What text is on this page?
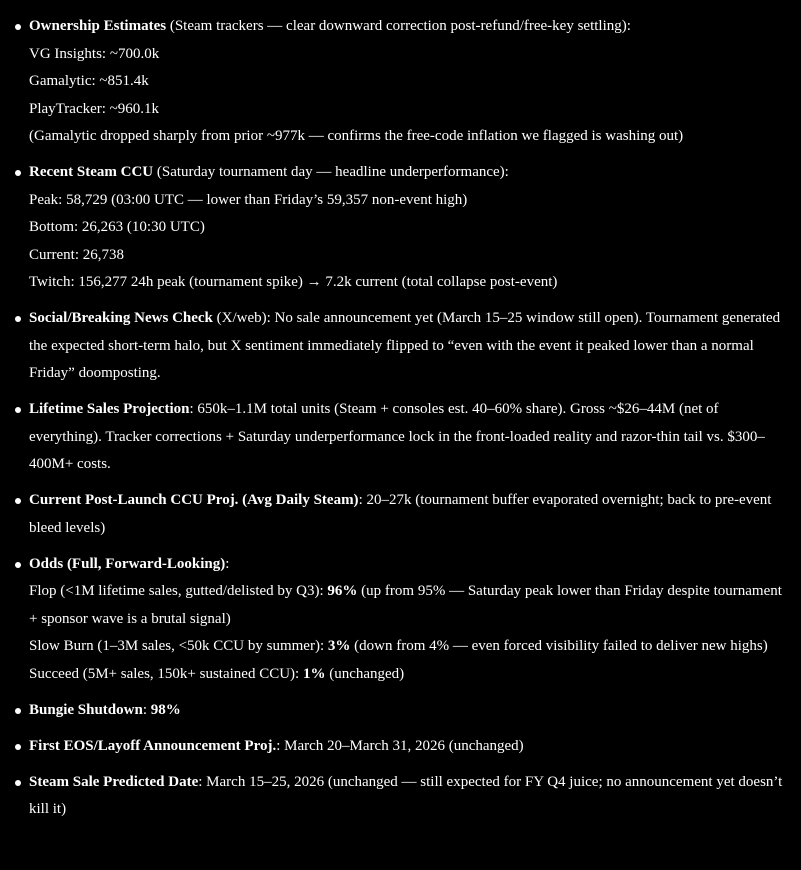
Ownership Estimates (Steam trackers — clear downward correction post-refund/free-key settling):
VG Insights: ~700.0k
Gamalytic: ~851.4k
PlayTracker: ~960.1k
(Gamalytic dropped sharply from prior ~977k — confirms the free-code inflation we flagged is washing out)
Recent Steam CCU (Saturday tournament day — headline underperformance):
Peak: 58,729 (03:00 UTC — lower than Friday’s 59,357 non-event high)
Bottom: 26,263 (10:30 UTC)
Current: 26,738
Twitch: 156,277 24h peak (tournament spike) → 7.2k current (total collapse post-event)
Social/Breaking News Check (X/web): No sale announcement yet (March 15–25 window still open). Tournament generated the expected short-term halo, but X sentiment immediately flipped to “even with the event it peaked lower than a normal Friday” doomposting.
Lifetime Sales Projection: 650k–1.1M total units (Steam + consoles est. 40–60% share). Gross ~$26–44M (net of everything). Tracker corrections + Saturday underperformance lock in the front-loaded reality and razor-thin tail vs. $300–400M+ costs.
Current Post-Launch CCU Proj. (Avg Daily Steam): 20–27k (tournament buffer evaporated overnight; back to pre-event bleed levels)
Odds (Full, Forward-Looking):
Flop (<1M lifetime sales, gutted/delisted by Q3): 96% (up from 95% — Saturday peak lower than Friday despite tournament + sponsor wave is a brutal signal)
Slow Burn (1–3M sales, <50k CCU by summer): 3% (down from 4% — even forced visibility failed to deliver new highs)
Succeed (5M+ sales, 150k+ sustained CCU): 1% (unchanged)
Bungie Shutdown: 98%
First EOS/Layoff Announcement Proj.: March 20–March 31, 2026 (unchanged)
Steam Sale Predicted Date: March 15–25, 2026 (unchanged — still expected for FY Q4 juice; no announcement yet doesn’t kill it)
